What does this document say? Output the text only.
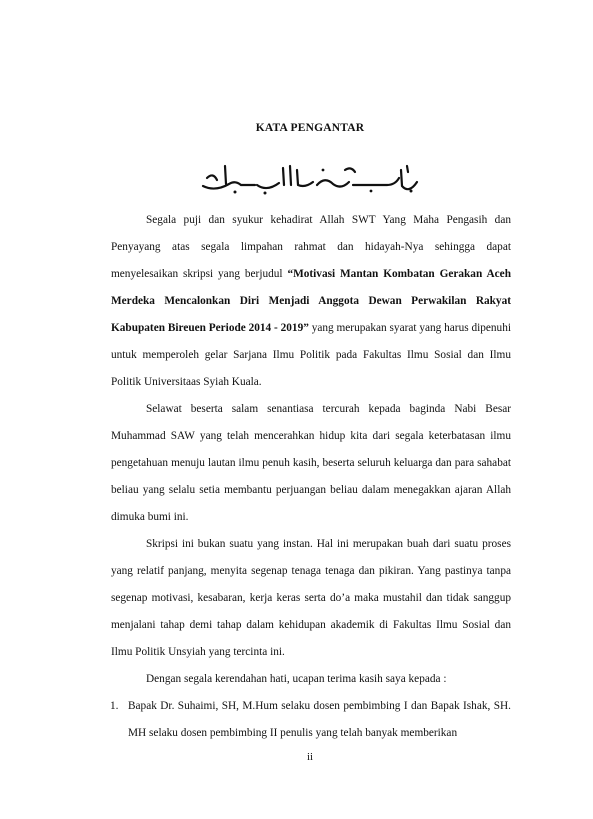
KATA PENGANTAR

Segala puji dan syukur kehadirat Allah SWT Yang Maha Pengasih dan Penyayang atas segala limpahan rahmat dan hidayah-Nya sehingga dapat menyelesaikan skripsi yang berjudul “Motivasi Mantan Kombatan Gerakan Aceh Merdeka Mencalonkan Diri Menjadi Anggota Dewan Perwakilan Rakyat Kabupaten Bireuen Periode 2014 - 2019” yang merupakan syarat yang harus dipenuhi untuk memperoleh gelar Sarjana Ilmu Politik pada Fakultas Ilmu Sosial dan Ilmu Politik Universitaas Syiah Kuala.

Selawat beserta salam senantiasa tercurah kepada baginda Nabi Besar Muhammad SAW yang telah mencerahkan hidup kita dari segala keterbatasan ilmu pengetahuan menuju lautan ilmu penuh kasih, beserta seluruh keluarga dan para sahabat beliau yang selalu setia membantu perjuangan beliau dalam menegakkan ajaran Allah dimuka bumi ini.

Skripsi ini bukan suatu yang instan. Hal ini merupakan buah dari suatu proses yang relatif panjang, menyita segenap tenaga tenaga dan pikiran. Yang pastinya tanpa segenap motivasi, kesabaran, kerja keras serta do’a maka mustahil dan tidak sanggup menjalani tahap demi tahap dalam kehidupan akademik di Fakultas Ilmu Sosial dan Ilmu Politik Unsyiah yang tercinta ini.

Dengan segala kerendahan hati, ucapan terima kasih saya kepada :

1. Bapak Dr. Suhaimi, SH, M.Hum selaku dosen pembimbing I dan Bapak Ishak, SH. MH selaku dosen pembimbing II penulis yang telah banyak memberikan
ii
